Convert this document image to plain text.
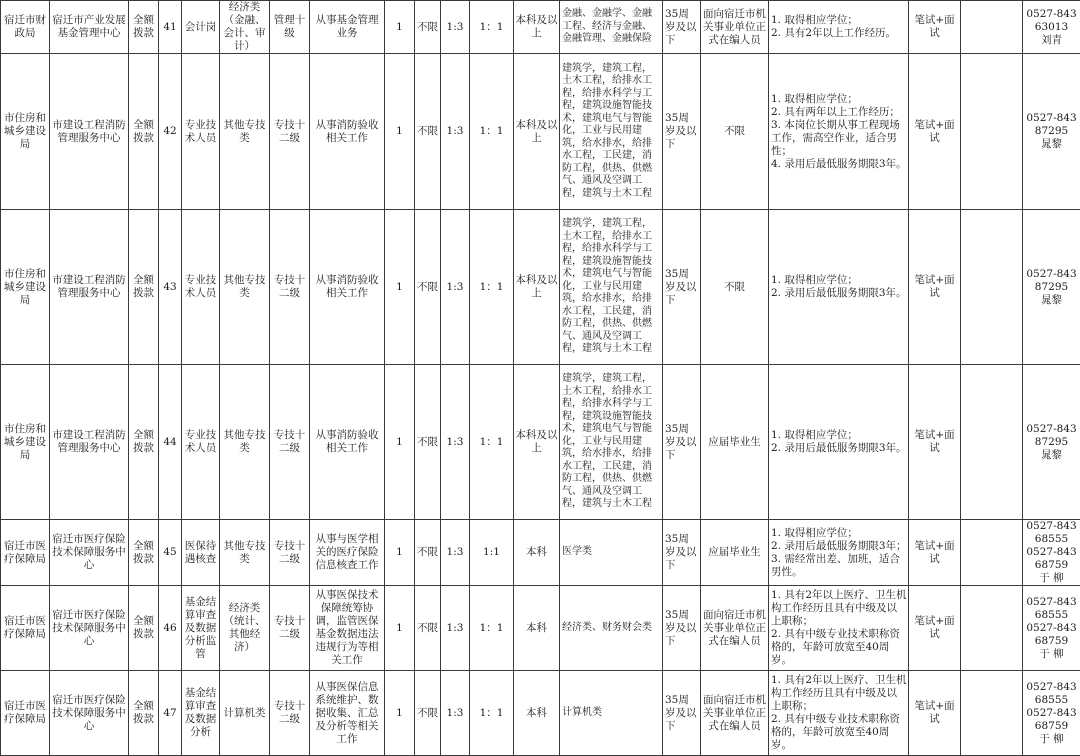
宿迁市财政局	宿迁市产业发展基金管理中心	全额拨款	41	会计岗	经济类（金融、会计、审计）	管理十级	从事基金管理业务	1	不限	1:3	1：1	本科及以上	金融、金融学、金融工程、经济与金融、金融管理、金融保险	35周岁及以下	面向宿迁市机关事业单位正式在编人员	1. 取得相应学位；
2. 具有2年以上工作经历。	笔试+面试		0527-84363013
刘青

市住房和城乡建设局	市建设工程消防管理服务中心	全额拨款	42	专业技术人员	其他专技类	专技十二级	从事消防验收相关工作	1	不限	1:3	1：1	本科及以上	建筑学，建筑工程，土木工程，给排水工程，给排水科学与工程，建筑设施智能技术，建筑电气与智能化，工业与民用建筑，给水排水，给排水工程，工民建，消防工程，供热、供燃气、通风及空调工程，建筑与土木工程	35周岁及以下	不限	1. 取得相应学位；
2. 具有两年以上工作经历；
3. 本岗位长期从事工程现场工作，需高空作业，适合男性；
4. 录用后最低服务期限3年。	笔试+面试		0527-84387295
晁黎

市住房和城乡建设局	市建设工程消防管理服务中心	全额拨款	43	专业技术人员	其他专技类	专技十二级	从事消防验收相关工作	1	不限	1:3	1：1	本科及以上	建筑学，建筑工程，土木工程，给排水工程，给排水科学与工程，建筑设施智能技术，建筑电气与智能化，工业与民用建筑，给水排水，给排水工程，工民建，消防工程，供热、供燃气、通风及空调工程，建筑与土木工程	35周岁及以下	不限	1. 取得相应学位；
2. 录用后最低服务期限3年。	笔试+面试		0527-84387295
晁黎

市住房和城乡建设局	市建设工程消防管理服务中心	全额拨款	44	专业技术人员	其他专技类	专技十二级	从事消防验收相关工作	1	不限	1:3	1：1	本科及以上	建筑学，建筑工程，土木工程，给排水工程，给排水科学与工程，建筑设施智能技术，建筑电气与智能化，工业与民用建筑，给水排水，给排水工程，工民建，消防工程，供热、供燃气、通风及空调工程，建筑与土木工程	35周岁及以下	应届毕业生	1. 取得相应学位；
2. 录用后最低服务期限3年。	笔试+面试		0527-84387295
晁黎

宿迁市医疗保障局	宿迁市医疗保险技术保障服务中心	全额拨款	45	医保待遇核查	其他专技类	专技十二级	从事与医学相关的医疗保险信息核查工作	1	不限	1:3	1:1	本科	医学类	35周岁及以下	应届毕业生	1. 取得相应学位；
2. 录用后最低服务期限3年；
3. 需经常出差、加班，适合男性。	笔试+面试		0527-84368555
0527-84368759
于 柳

宿迁市医疗保障局	宿迁市医疗保险技术保障服务中心	全额拨款	46	基金结算审查及数据分析监管	经济类（统计、其他经济）	专技十二级	从事医保技术保障统筹协调，监管医保基金数据违法违规行为等相关工作	1	不限	1:3	1：1	本科	经济类、财务财会类	35周岁及以下	面向宿迁市机关事业单位正式在编人员	1. 具有2年以上医疗、卫生机构工作经历且具有中级及以上职称；
2. 具有中级专业技术职称资格的，年龄可放宽至40周岁。	笔试+面试		0527-84368555
0527-84368759
于 柳

宿迁市医疗保障局	宿迁市医疗保险技术保障服务中心	全额拨款	47	基金结算审查及数据分析	计算机类	专技十二级	从事医保信息系统维护、数据收集、汇总及分析等相关工作	1	不限	1:3	1：1	本科	计算机类	35周岁及以下	面向宿迁市机关事业单位正式在编人员	1. 具有2年以上医疗、卫生机构工作经历且具有中级及以上职称；
2. 具有中级专业技术职称资格的，年龄可放宽至40周岁。	笔试+面试		0527-84368555
0527-84368759
于 柳
